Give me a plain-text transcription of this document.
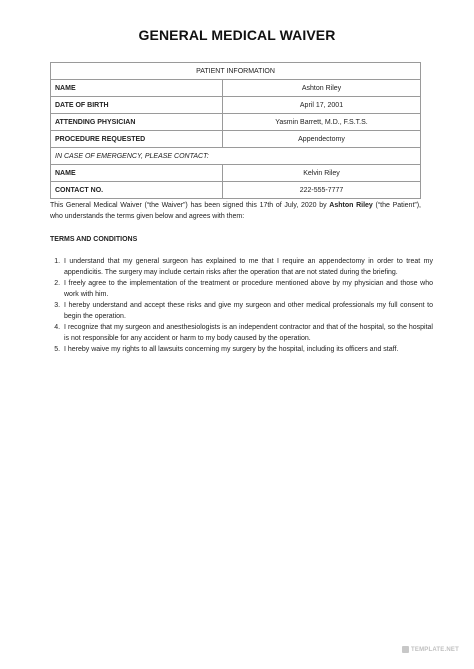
GENERAL MEDICAL WAIVER
PATIENT INFORMATION	
NAME	Ashton Riley
DATE OF BIRTH	April 17, 2001
ATTENDING PHYSICIAN	Yasmin Barrett, M.D., F.S.T.S.
PROCEDURE REQUESTED	Appendectomy
IN CASE OF EMERGENCY, PLEASE CONTACT:	
NAME	Kelvin Riley
CONTACT NO.	222-555-7777
This General Medical Waiver (“the Waiver”) has been signed this 17th of July, 2020 by Ashton Riley (“the Patient”), who understands the terms given below and agrees with them:
TERMS AND CONDITIONS
1. I understand that my general surgeon has explained to me that I require an appendectomy in order to treat my appendicitis. The surgery may include certain risks after the operation that are not stated during the briefing.
2. I freely agree to the implementation of the treatment or procedure mentioned above by my physician and those who work with him.
3. I hereby understand and accept these risks and give my surgeon and other medical professionals my full consent to begin the operation.
4. I recognize that my surgeon and anesthesiologists is an independent contractor and that of the hospital, so the hospital is not responsible for any accident or harm to my body caused by the operation.
5. I hereby waive my rights to all lawsuits concerning my surgery by the hospital, including its officers and staff.
TEMPLATE.NET
